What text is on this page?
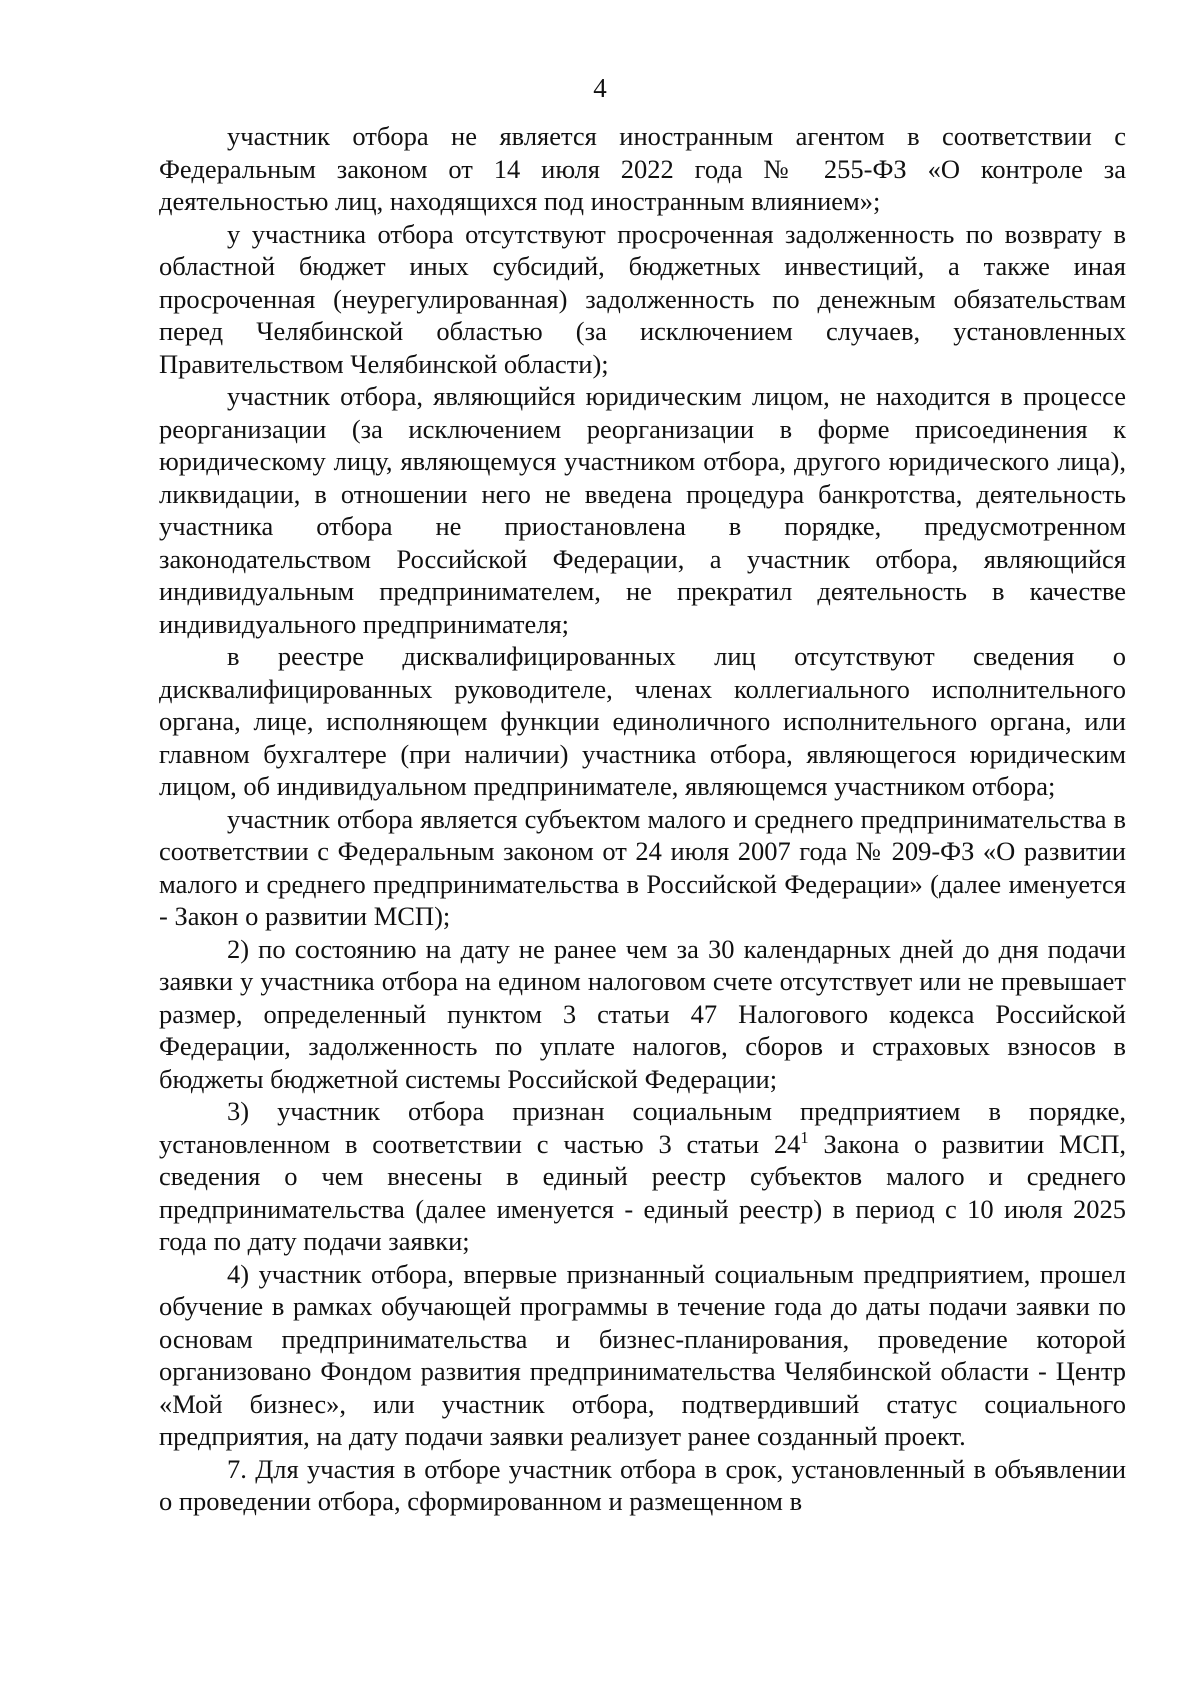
4

участник отбора не является иностранным агентом в соответствии с Федеральным законом от 14 июля 2022 года № 255-ФЗ «О контроле за деятельностью лиц, находящихся под иностранным влиянием»;

у участника отбора отсутствуют просроченная задолженность по возврату в областной бюджет иных субсидий, бюджетных инвестиций, а также иная просроченная (неурегулированная) задолженность по денежным обязательствам перед Челябинской областью (за исключением случаев, установленных Правительством Челябинской области);

участник отбора, являющийся юридическим лицом, не находится в процессе реорганизации (за исключением реорганизации в форме присоединения к юридическому лицу, являющемуся участником отбора, другого юридического лица), ликвидации, в отношении него не введена процедура банкротства, деятельность участника отбора не приостановлена в порядке, предусмотренном законодательством Российской Федерации, а участник отбора, являющийся индивидуальным предпринимателем, не прекратил деятельность в качестве индивидуального предпринимателя;

в реестре дисквалифицированных лиц отсутствуют сведения о дисквалифицированных руководителе, членах коллегиального исполнительного органа, лице, исполняющем функции единоличного исполнительного органа, или главном бухгалтере (при наличии) участника отбора, являющегося юридическим лицом, об индивидуальном предпринимателе, являющемся участником отбора;

участник отбора является субъектом малого и среднего предпринимательства в соответствии с Федеральным законом от 24 июля 2007 года № 209-ФЗ «О развитии малого и среднего предпринимательства в Российской Федерации» (далее именуется - Закон о развитии МСП);

2) по состоянию на дату не ранее чем за 30 календарных дней до дня подачи заявки у участника отбора на едином налоговом счете отсутствует или не превышает размер, определенный пунктом 3 статьи 47 Налогового кодекса Российской Федерации, задолженность по уплате налогов, сборов и страховых взносов в бюджеты бюджетной системы Российской Федерации;

3) участник отбора признан социальным предприятием в порядке, установленном в соответствии с частью 3 статьи $24^1$ Закона о развитии МСП, сведения о чем внесены в единый реестр субъектов малого и среднего предпринимательства (далее именуется - единый реестр) в период с 10 июля 2025 года по дату подачи заявки;

4) участник отбора, впервые признанный социальным предприятием, прошел обучение в рамках обучающей программы в течение года до даты подачи заявки по основам предпринимательства и бизнес-планирования, проведение которой организовано Фондом развития предпринимательства Челябинской области - Центр «Мой бизнес», или участник отбора, подтвердивший статус социального предприятия, на дату подачи заявки реализует ранее созданный проект.

7. Для участия в отборе участник отбора в срок, установленный в объявлении о проведении отбора, сформированном и размещенном в
